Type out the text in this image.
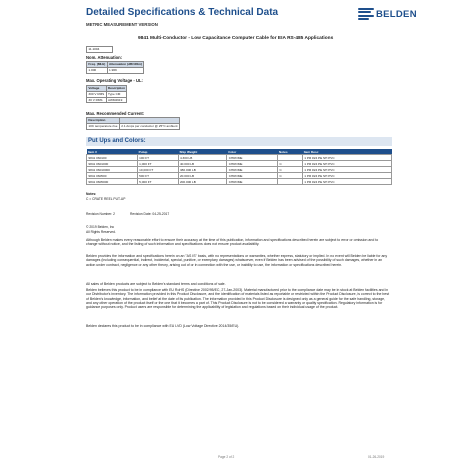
Detailed Specifications & Technical Data
METRIC MEASUREMENT VERSION
BELDEN
9841 Multi-Conductor - Low Capacitance Computer Cable for EIA RS-485 Applications
11.1004
Nom. Attenuation:
Freq. (MHz)	Attenuation (dB/100m)
1.000	1.969
Max. Operating Voltage - UL:
Voltage	Description
300 V RMS	Type CM
30 V RMS	AWM2919
Max. Recommended Current:
Description	
10C temperature rise	2.1 Amps per conductor @ 25°C ambient
Put Ups and Colors:
Item #	Putup	Ship Weight	Color	Notes	Item Desc
9841 060100	100 FT	4.300 LB	CHROME		1 PR #24 PE SH PVC
9841 0601000	1,000 FT	40.000 LB	CHROME	C	1 PR #24 PE SH PVC
9841 06010000	10,000 FT	380.000 LB	CHROME	C	1 PR #24 PE SH PVC
9841 060500	500 FT	20.000 LB	CHROME	C	1 PR #24 PE SH PVC
9841 0605000	5,000 FT	200.000 LB	CHROME		1 PR #24 PE SH PVC
Notes:
C = CRATE REEL PUT-UP
Revision Number: 2	Revision Date: 04-25-2017
© 2019 Belden, Inc
All Rights Reserved.
Although Belden makes every reasonable effort to ensure their accuracy at the time of this publication, information and specifications described herein are subject to error or omission and to change without notice, and the listing of such information and specifications does not ensure product availability.
Belden provides the information and specifications herein on an "AS IS" basis, with no representations or warranties, whether express, statutory or implied. In no event will Belden be liable for any damages (including consequential, indirect, incidental, special, punitive, or exemplary damages) whatsoever, even if Belden has been advised of the possibility of such damages, whether in an action under contract, negligence or any other theory, arising out of or in connection with the use, or inability to use, the information or specifications described herein.
All sales of Belden products are subject to Belden's standard terms and conditions of sale.
Belden believes this product to be in compliance with EU RoHS (Directive 2002/95/EC, 27-Jan-2003). Material manufactured prior to the compliance date may be in stock at Belden facilities and in our Distributor's inventory. The information provided in this Product Disclosure, and the identification of materials listed as reportable or restricted within the Product Disclosure, is correct to the best of Belden's knowledge, information, and belief at the date of its publication. The information provided in this Product Disclosure is designed only as a general guide for the safe handling, storage, and any other operation of the product itself or the one that it becomes a part of. This Product Disclosure is not to be considered a warranty or quality specification. Regulatory information is for guidance purposes only. Product users are responsible for determining the applicability of legislation and regulations based on their individual usage of the product.
Belden declares this product to be in compliance with EU LVD (Low Voltage Directive 2014/35/EU).
Page 2 of 2	01-26-2019
